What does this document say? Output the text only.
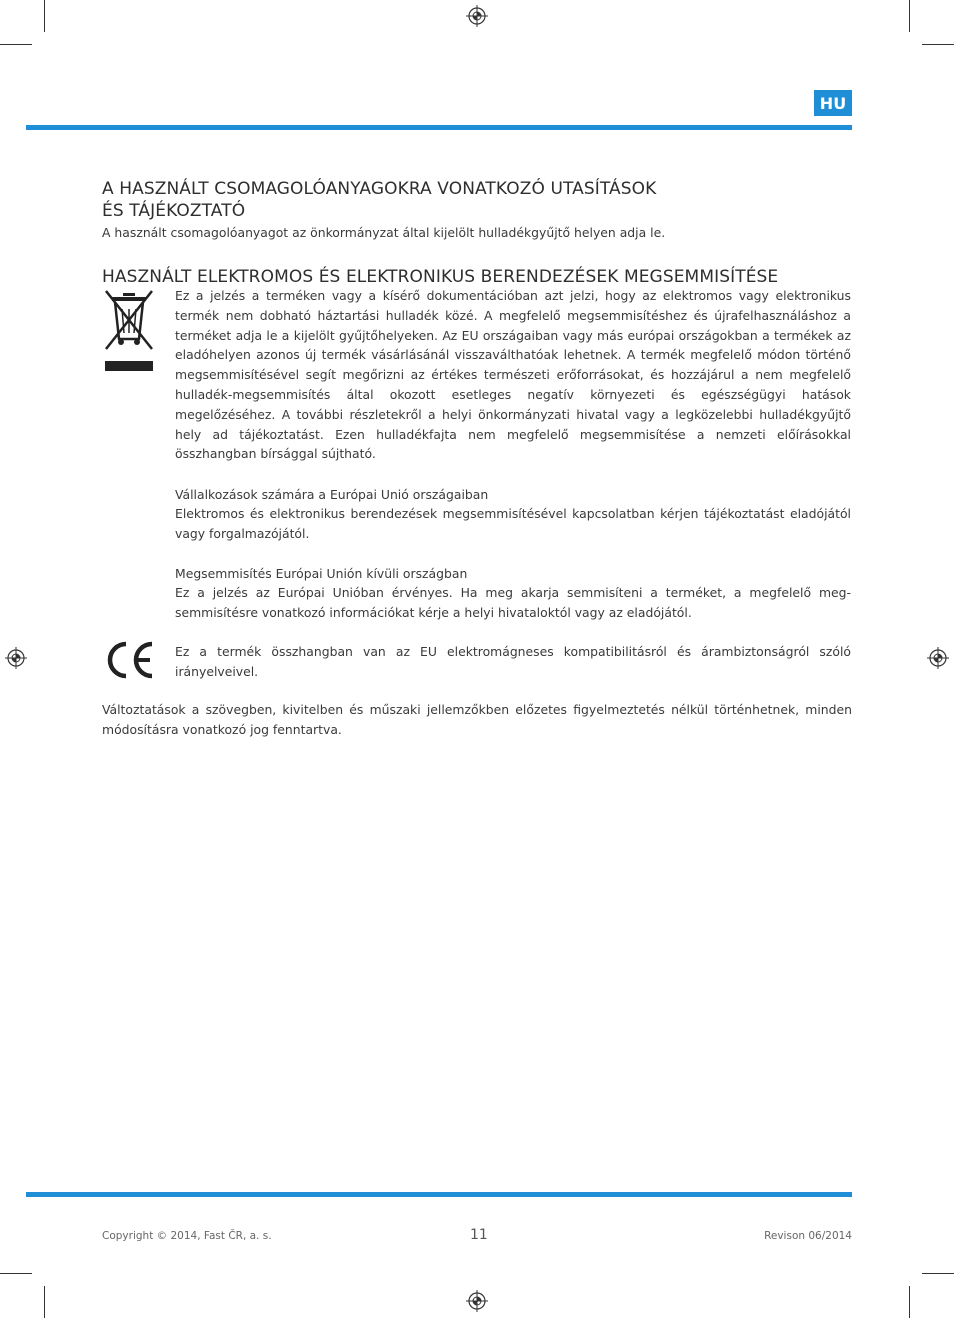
HU
A HASZNÁLT CSOMAGOLÓANYAGOKRA VONATKOZÓ UTASÍTÁSOK
ÉS TÁJÉKOZTATÓ
A használt csomagolóanyagot az önkormányzat által kijelölt hulladékgyűjtő helyen adja le.
HASZNÁLT ELEKTROMOS ÉS ELEKTRONIKUS BERENDEZÉSEK MEGSEMMISÍTÉSE
Ez a jelzés a terméken vagy a kísérő dokumentációban azt jelzi, hogy az elektromos vagy elektronikus termék nem dobható háztartási hulladék közé. A megfelelő megsemmisítéshez és újrafelhasználáshoz a terméket adja le a kijelölt gyűjtőhelyeken. Az EU országaiban vagy más európai országokban a termékek az eladóhelyen azonos új termék vásárlásánál visszaválthatóak lehetnek. A termék megfelelő módon történő megsemmisítésével segít megőrizni az értékes természeti erőforrásokat, és hozzájárul a nem megfelelő hulladék-megsemmisítés által okozott esetleges negatív környezeti és egészségügyi hatások megelőzéséhez. A további részletekről a helyi önkormányzati hivatal vagy a legközelebbi hulladékgyűjtő hely ad tájékoztatást. Ezen hulladékfajta nem megfelelő megsemmisítése a nemzeti előírásokkal összhangban bírsággal sújtható.
Vállalkozások számára a Európai Unió országaiban
Elektromos és elektronikus berendezések megsemmisítésével kapcsolatban kérjen tájékoztatást eladójától vagy forgalmazójától.
Megsemmisítés Európai Unión kívüli országban
Ez a jelzés az Európai Unióban érvényes. Ha meg akarja semmisíteni a terméket, a megfelelő megsemmisítésre vonatkozó információkat kérje a helyi hivataloktól vagy az eladójától.
Ez a termék összhangban van az EU elektromágneses kompatibilitásról és árambiztonságról szóló irányelveivel.
Változtatások a szövegben, kivitelben és műszaki jellemzőkben előzetes figyelmeztetés nélkül történhetnek, minden módosításra vonatkozó jog fenntartva.
Copyright © 2014, Fast ČR, a. s.	11	Revison 06/2014
